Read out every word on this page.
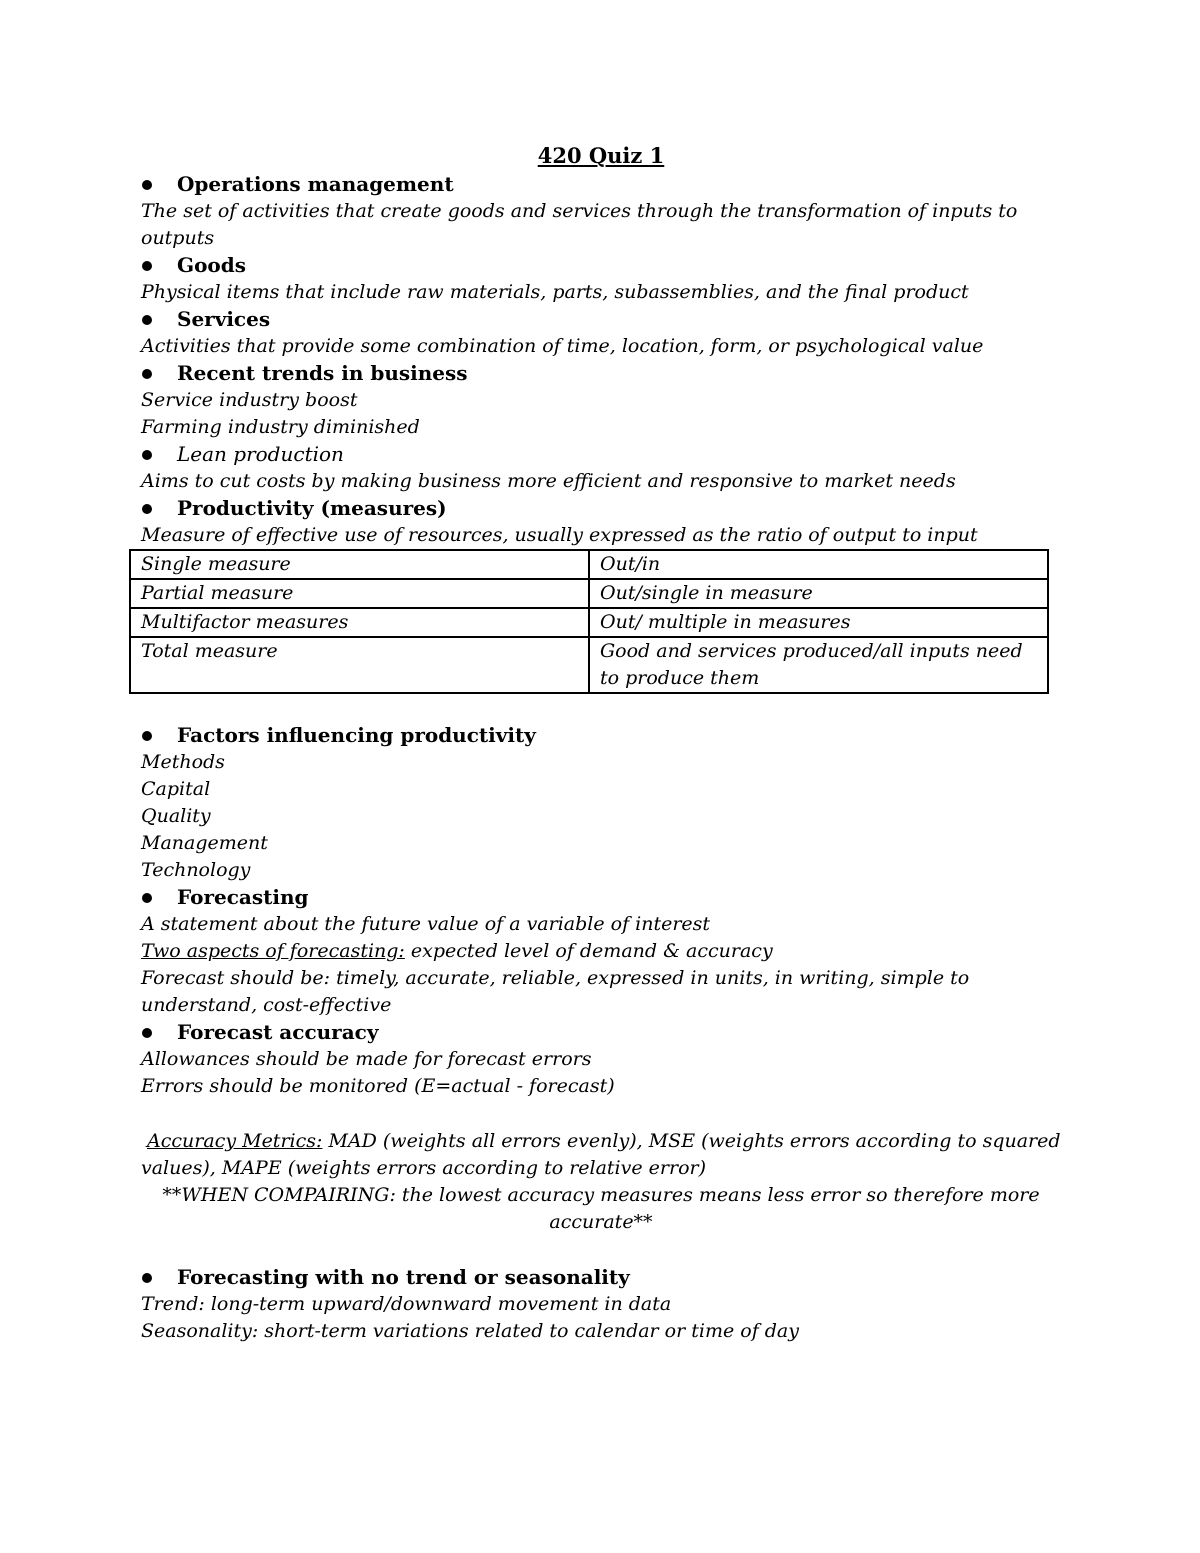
420 Quiz 1
Operations management
The set of activities that create goods and services through the transformation of inputs to
outputs
Goods
Physical items that include raw materials, parts, subassemblies, and the final product
Services
Activities that provide some combination of time, location, form, or psychological value
Recent trends in business
Service industry boost
Farming industry diminished
Lean production
Aims to cut costs by making business more efficient and responsive to market needs
Productivity (measures)
Measure of effective use of resources, usually expressed as the ratio of output to input
Single measure	Out/in
Partial measure	Out/single in measure
Multifactor measures	Out/ multiple in measures
Total measure	Good and services produced/all inputs need to produce them
Factors influencing productivity
Methods
Capital
Quality
Management
Technology
Forecasting
A statement about the future value of a variable of interest
Two aspects of forecasting: expected level of demand & accuracy
Forecast should be: timely, accurate, reliable, expressed in units, in writing, simple to
understand, cost-effective
Forecast accuracy
Allowances should be made for forecast errors
Errors should be monitored (E=actual - forecast)
Accuracy Metrics: MAD (weights all errors evenly), MSE (weights errors according to squared
values), MAPE (weights errors according to relative error)
**WHEN COMPAIRING: the lowest accuracy measures means less error so therefore more
accurate**
Forecasting with no trend or seasonality
Trend: long-term upward/downward movement in data
Seasonality: short-term variations related to calendar or time of day
